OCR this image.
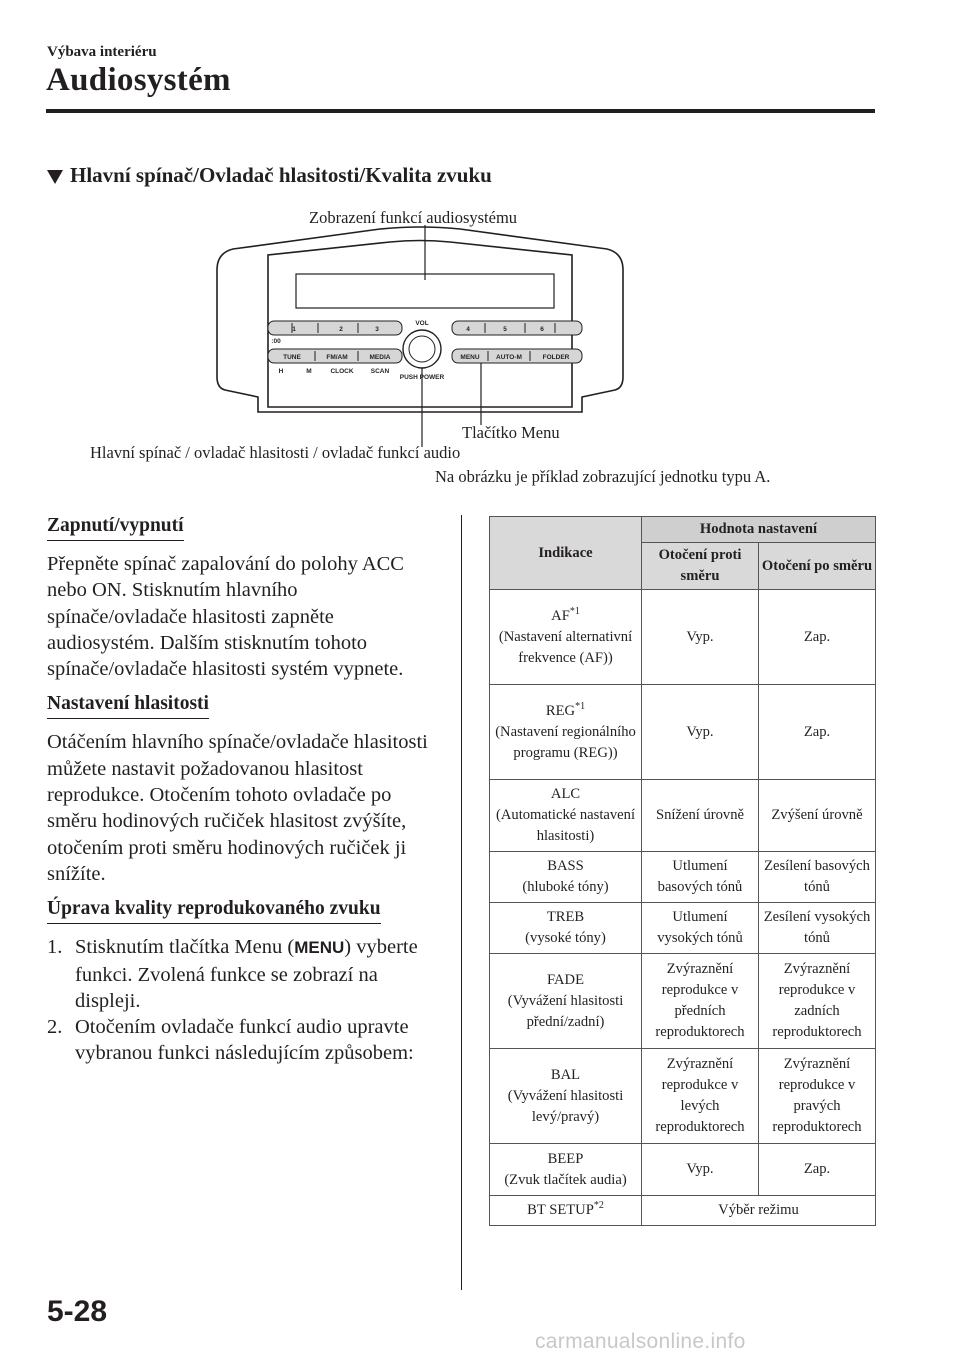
Výbava interiéru
Audiosystém
Hlavní spínač/Ovladač hlasitosti/Kvalita zvuku
Zobrazení funkcí audiosystému
1	2	3	4	5	6
:00
VOL
TUNE	FM/AM	MEDIA	MENU	AUTO-M	FOLDER
H	M	CLOCK	SCAN
PUSH POWER
Tlačítko Menu
Hlavní spínač / ovladač hlasitosti / ovladač funkcí audio
Na obrázku je příklad zobrazující jednotku typu A.
Zapnutí/vypnutí

Přepněte spínač zapalování do polohy ACC nebo ON. Stisknutím hlavního spínače/ovladače hlasitosti zapněte audiosystém. Dalším stisknutím tohoto spínače/ovladače hlasitosti systém vypnete.

Nastavení hlasitosti

Otáčením hlavního spínače/ovladače hlasitosti můžete nastavit požadovanou hlasitost reprodukce. Otočením tohoto ovladače po směru hodinových ručiček hlasitost zvýšíte, otočením proti směru hodinových ručiček ji snížíte.

Úprava kvality reprodukovaného zvuku
1. Stisknutím tlačítka Menu (MENU) vyberte funkci. Zvolená funkce se zobrazí na displeji.
2. Otočením ovladače funkcí audio upravte vybranou funkci následujícím způsobem:
Indikace	Hodnota nastavení	
	Otočení proti směru	Otočení po směru
AF$^{*1}$
(Nastavení alternativní frekvence (AF))	Vyp.	Zap.
REG$^{*1}$
(Nastavení regionálního programu (REG))	Vyp.	Zap.
ALC
(Automatické nastavení hlasitosti)	Snížení úrovně	Zvýšení úrovně
BASS
(hluboké tóny)	Utlumení basových tónů	Zesílení basových tónů
TREB
(vysoké tóny)	Utlumení vysokých tónů	Zesílení vysokých tónů
FADE
(Vyvážení hlasitosti přední/zadní)	Zvýraznění reprodukce v předních reproduktorech	Zvýraznění reprodukce v zadních reproduktorech
BAL
(Vyvážení hlasitosti levý/pravý)	Zvýraznění reprodukce v levých reproduktorech	Zvýraznění reprodukce v pravých reproduktorech
BEEP
(Zvuk tlačítek audia)	Vyp.	Zap.
BT SETUP$^{*2}$	Výběr režimu	
5-28
carmanualsonline.info
